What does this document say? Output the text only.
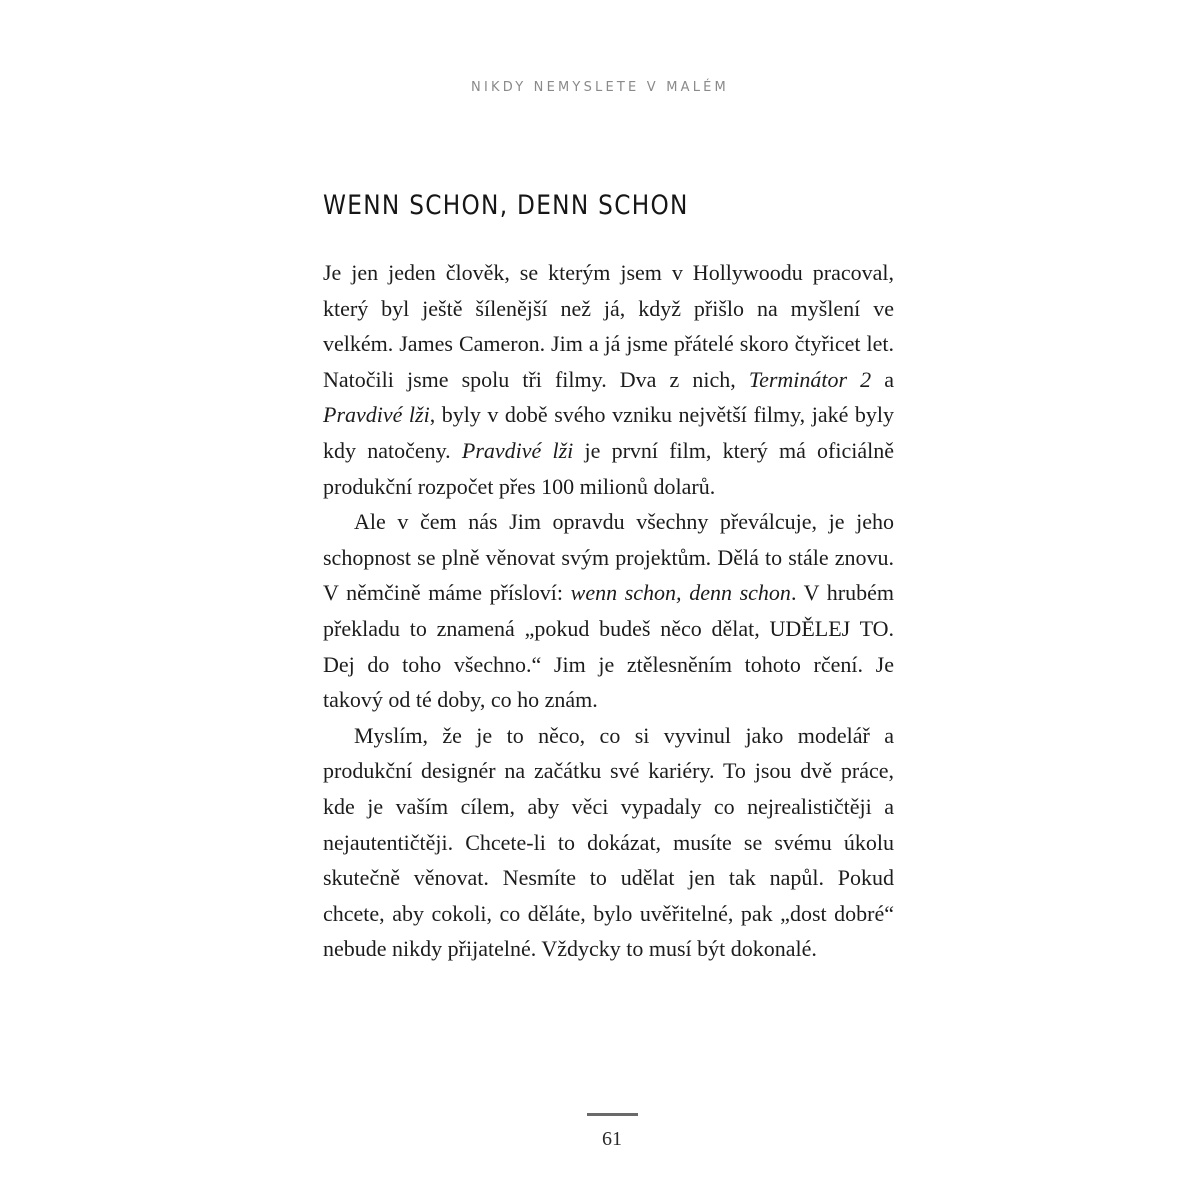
NIKDY NEMYSLETE V MALÉM
WENN SCHON, DENN SCHON

Je jen jeden člověk, se kterým jsem v Hollywoodu pracoval, který byl ještě šílenější než já, když přišlo na myšlení ve velkém. James Cameron. Jim a já jsme přátelé skoro čtyřicet let. Natočili jsme spolu tři filmy. Dva z nich, Terminátor 2 a Pravdivé lži, byly v době svého vzniku největší filmy, jaké byly kdy natočeny. Pravdivé lži je první film, který má oficiálně produkční rozpočet přes 100 milionů dolarů.

Ale v čem nás Jim opravdu všechny převálcuje, je jeho schopnost se plně věnovat svým projektům. Dělá to stále znovu. V němčině máme přísloví: wenn schon, denn schon. V hrubém překladu to znamená „pokud budeš něco dělat, UDĚLEJ TO. Dej do toho všechno.“ Jim je ztělesněním tohoto rčení. Je takový od té doby, co ho znám.

Myslím, že je to něco, co si vyvinul jako modelář a produkční designér na začátku své kariéry. To jsou dvě práce, kde je vaším cílem, aby věci vypadaly co nejrealističtěji a nejautentičtěji. Chcete-li to dokázat, musíte se svému úkolu skutečně věnovat. Nesmíte to udělat jen tak napůl. Pokud chcete, aby cokoli, co děláte, bylo uvěřitelné, pak „dost dobré“ nebude nikdy přijatelné. Vždycky to musí být dokonalé.

61
